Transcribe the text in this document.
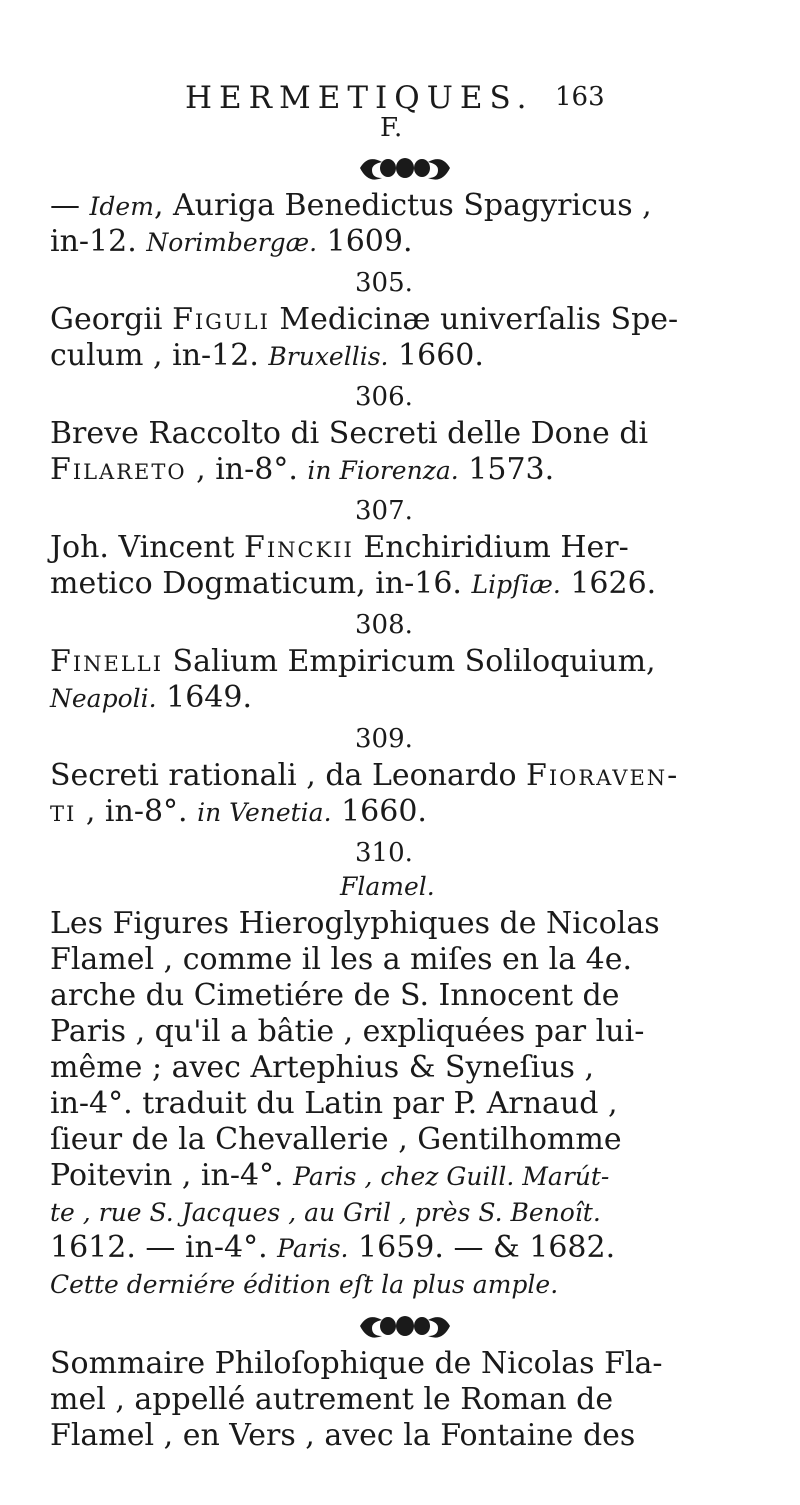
HERMETIQUES. 163
F.
— Idem, Auriga Benedictus Spagyricus ,
in-12. Norimbergæ. 1609.
305.
Georgii Figuli Medicinæ univerſalis Spe-
culum , in-12. Bruxellis. 1660.
306.
Breve Raccolto di Secreti delle Done di
Filareto , in-8°. in Fiorenza. 1573.
307.
Joh. Vincent Finckii Enchiridium Her-
metico Dogmaticum, in-16. Lipſiæ. 1626.
308.
Finelli Salium Empiricum Soliloquium,
Neapoli. 1649.
309.
Secreti rationali , da Leonardo Fioraven-
ti , in-8°. in Venetia. 1660.
310.
Flamel.
Les Figures Hieroglyphiques de Nicolas
Flamel , comme il les a miſes en la 4e.
arche du Cimetiére de S. Innocent de
Paris , qu'il a bâtie , expliquées par lui-
même ; avec Artephius & Syneſius ,
in-4°. traduit du Latin par P. Arnaud ,
ſieur de la Chevallerie , Gentilhomme
Poitevin , in-4°. Paris , chez Guill. Marút-
te , rue S. Jacques , au Gril , près S. Benoît.
1612. — in-4°. Paris. 1659. — & 1682.
Cette derniére édition eſt la plus ample.
Sommaire Philoſophique de Nicolas Fla-
mel , appellé autrement le Roman de
Flamel , en Vers , avec la Fontaine des
